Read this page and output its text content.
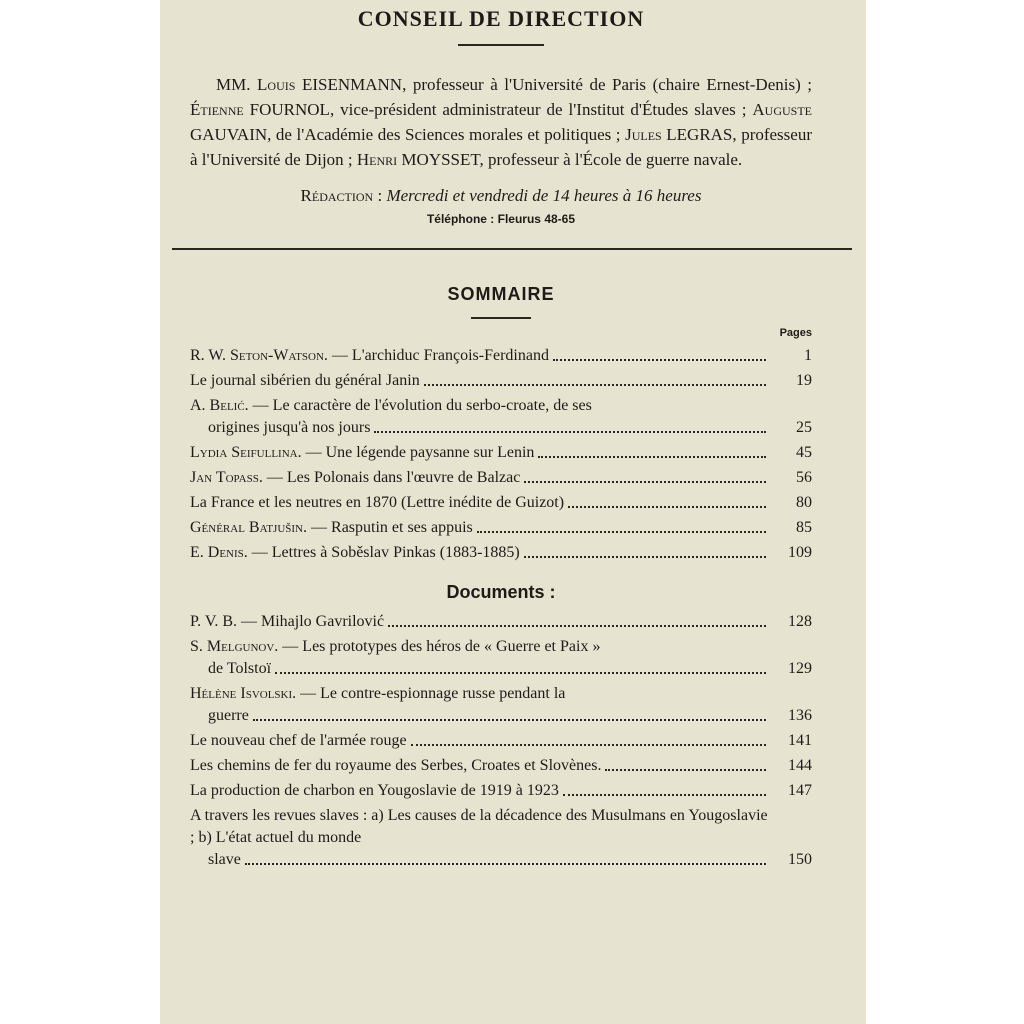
CONSEIL DE DIRECTION
MM. Louis EISENMANN, professeur à l'Université de Paris (chaire Ernest-Denis) ; Étienne FOURNOL, vice-président administrateur de l'Institut d'Études slaves ; Auguste GAUVAIN, de l'Académie des Sciences morales et politiques ; Jules LEGRAS, professeur à l'Université de Dijon ; Henri MOYSSET, professeur à l'École de guerre navale.
Rédaction : Mercredi et vendredi de 14 heures à 16 heures
Téléphone : Fleurus 48-65
SOMMAIRE
Pages
R. W. Seton-Watson. — L'archiduc François-Ferdinand	1
Le journal sibérien du général Janin	19
A. Belić. — Le caractère de l'évolution du serbo-croate, de ses
origines jusqu'à nos jours	25
Lydia Seifullina. — Une légende paysanne sur Lenin	45
Jan Topass. — Les Polonais dans l'œuvre de Balzac	56
La France et les neutres en 1870 (Lettre inédite de Guizot)	80
Général Batjušin. — Rasputin et ses appuis	85
E. Denis. — Lettres à Soběslav Pinkas (1883-1885)	109
Documents :
P. V. B. — Mihajlo Gavrilović	128
S. Melgunov. — Les prototypes des héros de « Guerre et Paix »
de Tolstoï	129
Hélène Isvolski. — Le contre-espionnage russe pendant la
guerre	136
Le nouveau chef de l'armée rouge	141
Les chemins de fer du royaume des Serbes, Croates et Slovènes.	144
La production de charbon en Yougoslavie de 1919 à 1923	147
A travers les revues slaves : a) Les causes de la décadence des Musulmans en Yougoslavie ; b) L'état actuel du monde
slave	150
